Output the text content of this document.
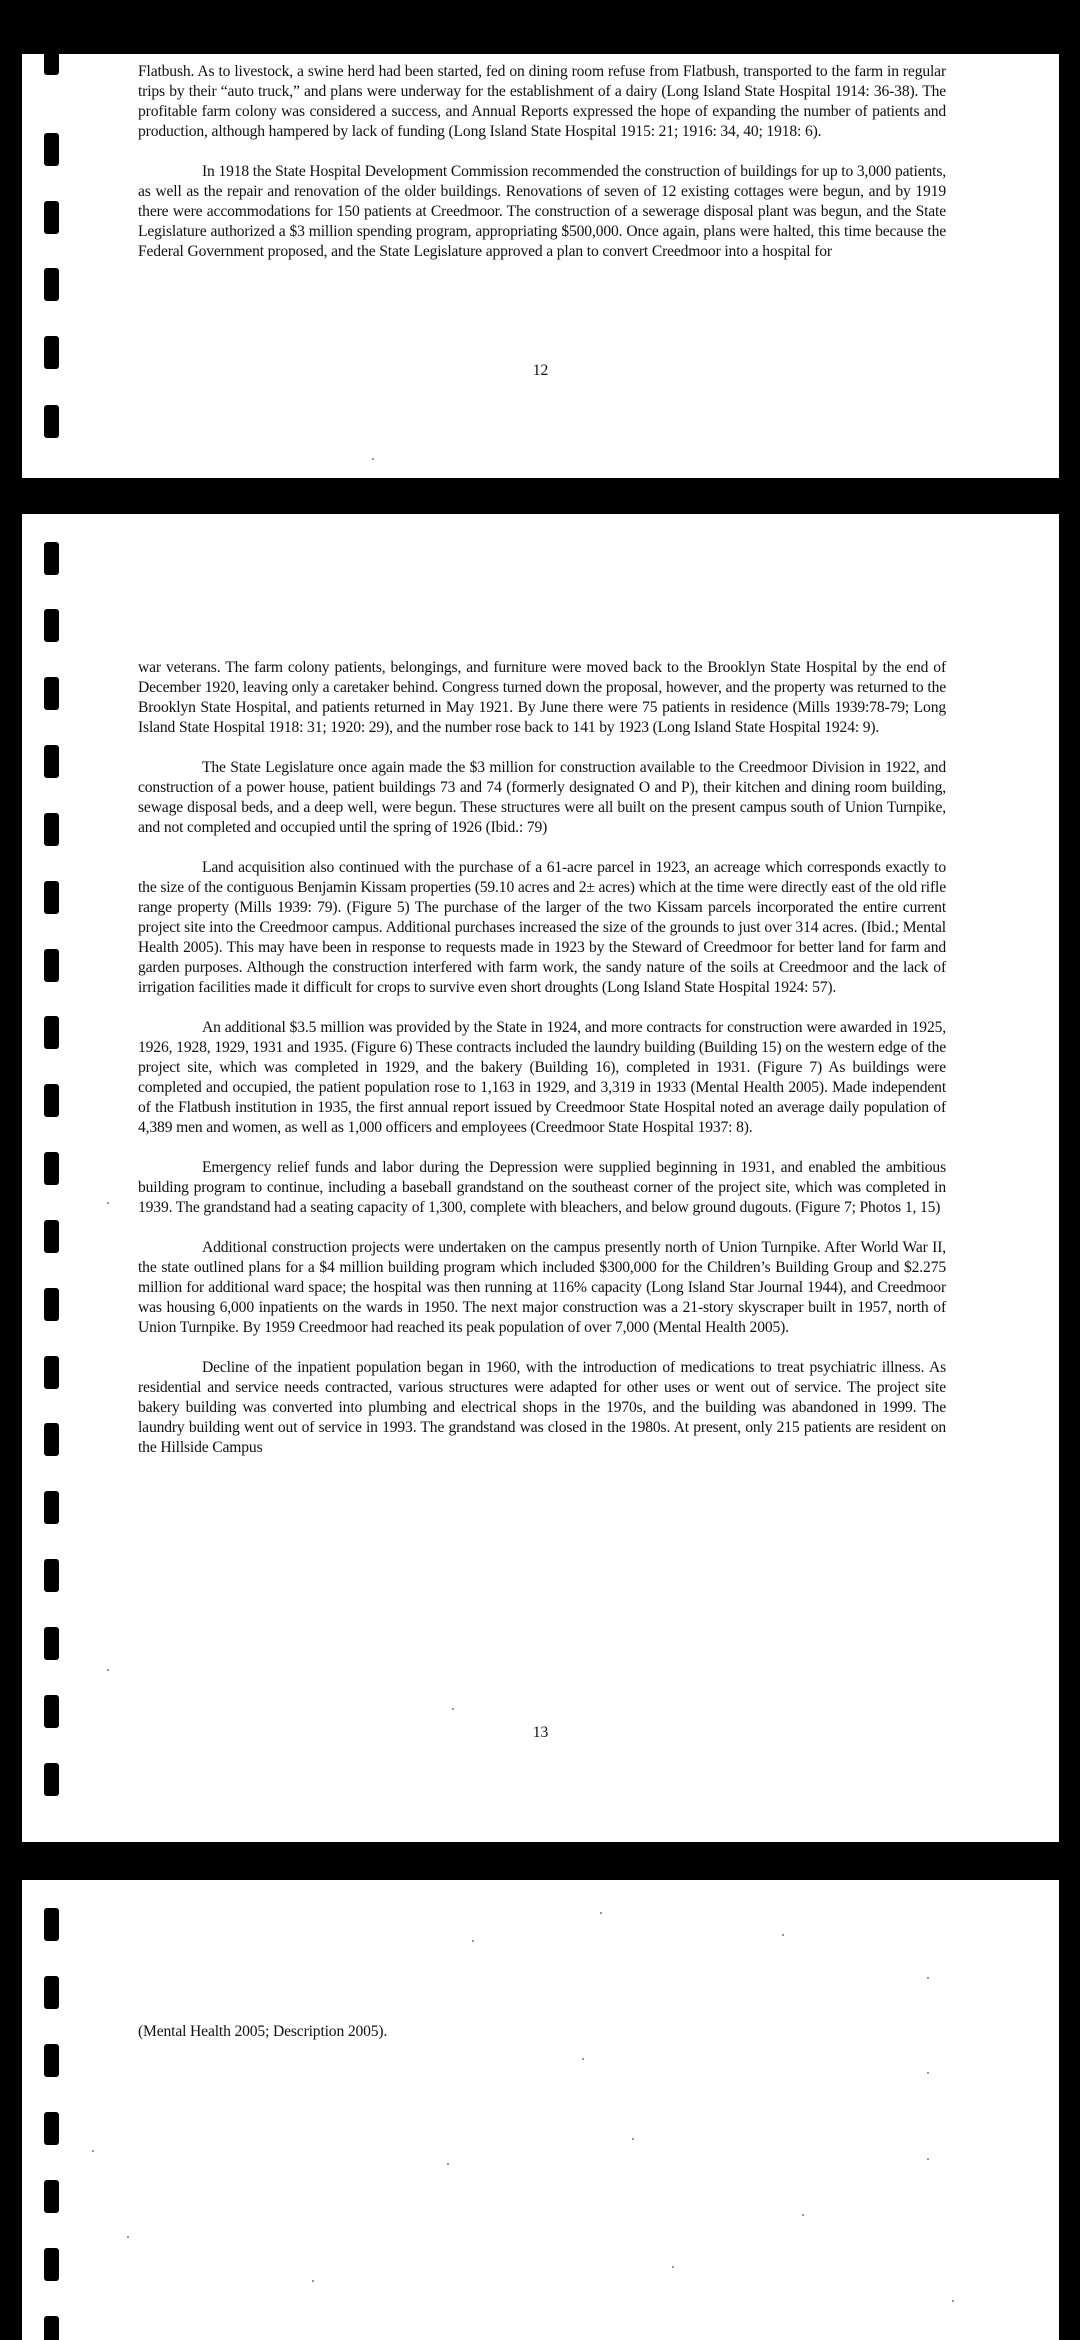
Flatbush. As to livestock, a swine herd had been started, fed on dining room refuse from Flatbush, transported to the farm in regular trips by their “auto truck,” and plans were underway for the establishment of a dairy (Long Island State Hospital 1914: 36-38). The profitable farm colony was considered a success, and Annual Reports expressed the hope of expanding the number of patients and production, although hampered by lack of funding (Long Island State Hospital 1915: 21; 1916: 34, 40; 1918: 6).

In 1918 the State Hospital Development Commission recommended the construction of buildings for up to 3,000 patients, as well as the repair and renovation of the older buildings. Renovations of seven of 12 existing cottages were begun, and by 1919 there were accommodations for 150 patients at Creedmoor. The construction of a sewerage disposal plant was begun, and the State Legislature authorized a $3 million spending program, appropriating $500,000. Once again, plans were halted, this time because the Federal Government proposed, and the State Legislature approved a plan to convert Creedmoor into a hospital for

12

war veterans. The farm colony patients, belongings, and furniture were moved back to the Brooklyn State Hospital by the end of December 1920, leaving only a caretaker behind. Congress turned down the proposal, however, and the property was returned to the Brooklyn State Hospital, and patients returned in May 1921. By June there were 75 patients in residence (Mills 1939:78-79; Long Island State Hospital 1918: 31; 1920: 29), and the number rose back to 141 by 1923 (Long Island State Hospital 1924: 9).

The State Legislature once again made the $3 million for construction available to the Creedmoor Division in 1922, and construction of a power house, patient buildings 73 and 74 (formerly designated O and P), their kitchen and dining room building, sewage disposal beds, and a deep well, were begun. These structures were all built on the present campus south of Union Turnpike, and not completed and occupied until the spring of 1926 (Ibid.: 79)

Land acquisition also continued with the purchase of a 61-acre parcel in 1923, an acreage which corresponds exactly to the size of the contiguous Benjamin Kissam properties (59.10 acres and 2± acres) which at the time were directly east of the old rifle range property (Mills 1939: 79). (Figure 5) The purchase of the larger of the two Kissam parcels incorporated the entire current project site into the Creedmoor campus. Additional purchases increased the size of the grounds to just over 314 acres. (Ibid.; Mental Health 2005). This may have been in response to requests made in 1923 by the Steward of Creedmoor for better land for farm and garden purposes. Although the construction interfered with farm work, the sandy nature of the soils at Creedmoor and the lack of irrigation facilities made it difficult for crops to survive even short droughts (Long Island State Hospital 1924: 57).

An additional $3.5 million was provided by the State in 1924, and more contracts for construction were awarded in 1925, 1926, 1928, 1929, 1931 and 1935. (Figure 6) These contracts included the laundry building (Building 15) on the western edge of the project site, which was completed in 1929, and the bakery (Building 16), completed in 1931. (Figure 7) As buildings were completed and occupied, the patient population rose to 1,163 in 1929, and 3,319 in 1933 (Mental Health 2005). Made independent of the Flatbush institution in 1935, the first annual report issued by Creedmoor State Hospital noted an average daily population of 4,389 men and women, as well as 1,000 officers and employees (Creedmoor State Hospital 1937: 8).

Emergency relief funds and labor during the Depression were supplied beginning in 1931, and enabled the ambitious building program to continue, including a baseball grandstand on the southeast corner of the project site, which was completed in 1939. The grandstand had a seating capacity of 1,300, complete with bleachers, and below ground dugouts. (Figure 7; Photos 1, 15)

Additional construction projects were undertaken on the campus presently north of Union Turnpike. After World War II, the state outlined plans for a $4 million building program which included $300,000 for the Children’s Building Group and $2.275 million for additional ward space; the hospital was then running at 116% capacity (Long Island Star Journal 1944), and Creedmoor was housing 6,000 inpatients on the wards in 1950. The next major construction was a 21-story skyscraper built in 1957, north of Union Turnpike. By 1959 Creedmoor had reached its peak population of over 7,000 (Mental Health 2005).

Decline of the inpatient population began in 1960, with the introduction of medications to treat psychiatric illness. As residential and service needs contracted, various structures were adapted for other uses or went out of service. The project site bakery building was converted into plumbing and electrical shops in the 1970s, and the building was abandoned in 1999. The laundry building went out of service in 1993. The grandstand was closed in the 1980s. At present, only 215 patients are resident on the Hillside Campus

13

(Mental Health 2005; Description 2005).
